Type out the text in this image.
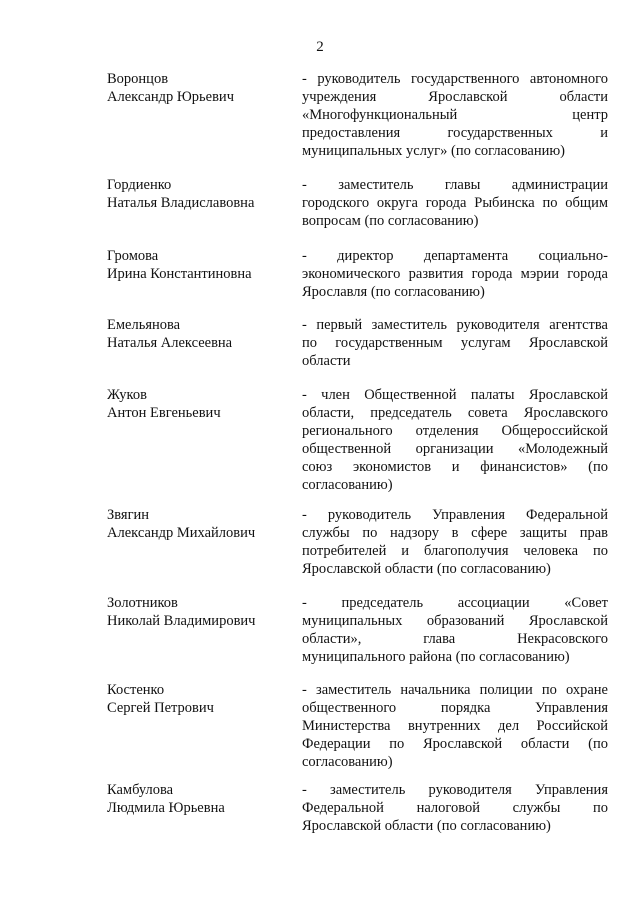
2
Воронцов
Александр Юрьевич
- руководитель государственного автономного
учреждения Ярославской области
«Многофункциональный центр
предоставления государственных и
муниципальных услуг» (по согласованию)
Гордиенко
Наталья Владиславовна
- заместитель главы администрации
городского округа города Рыбинска по общим
вопросам (по согласованию)
Громова
Ирина Константиновна
- директор департамента социально-
экономического развития города мэрии города
Ярославля (по согласованию)
Емельянова
Наталья Алексеевна
- первый заместитель руководителя агентства
по государственным услугам Ярославской
области
Жуков
Антон Евгеньевич
- член Общественной палаты Ярославской
области, председатель совета Ярославского
регионального отделения Общероссийской
общественной организации «Молодежный
союз экономистов и финансистов» (по
согласованию)
Звягин
Александр Михайлович
- руководитель Управления Федеральной
службы по надзору в сфере защиты прав
потребителей и благополучия человека по
Ярославской области (по согласованию)
Золотников
Николай Владимирович
- председатель ассоциации «Совет
муниципальных образований Ярославской
области», глава Некрасовского
муниципального района (по согласованию)
Костенко
Сергей Петрович
- заместитель начальника полиции по охране
общественного порядка Управления
Министерства внутренних дел Российской
Федерации по Ярославской области (по
согласованию)
Камбулова
Людмила Юрьевна
- заместитель руководителя Управления
Федеральной налоговой службы по
Ярославской области (по согласованию)
